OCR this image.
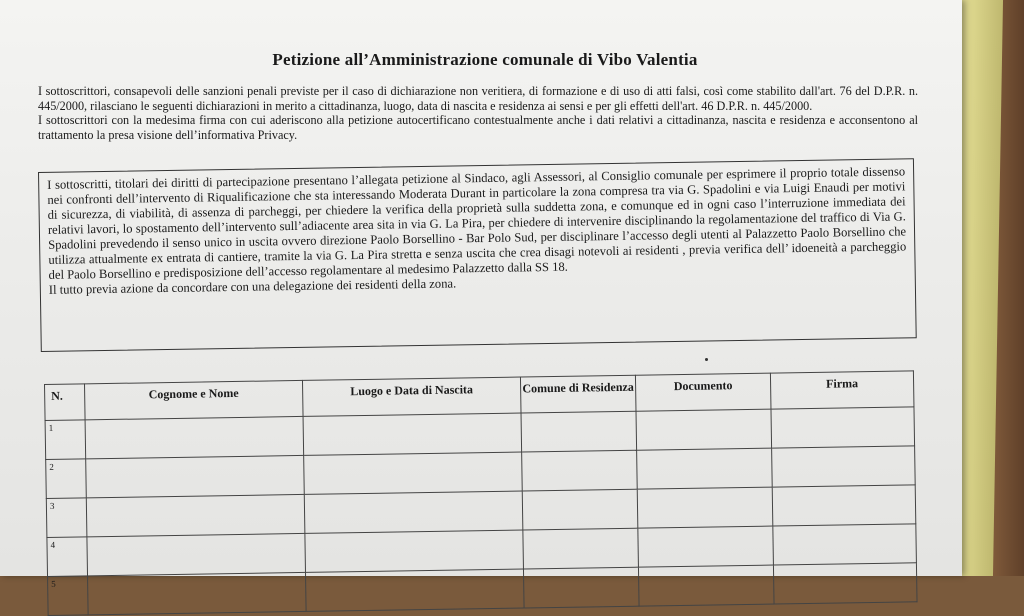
Petizione all’Amministrazione comunale di Vibo Valentia

I sottoscrittori, consapevoli delle sanzioni penali previste per il caso di dichiarazione non veritiera, di formazione e di uso di atti falsi, così come stabilito dall'art. 76 del D.P.R. n. 445/2000, rilasciano le seguenti dichiarazioni in merito a cittadinanza, luogo, data di nascita e residenza ai sensi e per gli effetti dell'art. 46 D.P.R. n. 445/2000.

I sottoscrittori con la medesima firma con cui aderiscono alla petizione autocertificano contestualmente anche i dati relativi a cittadinanza, nascita e residenza e acconsentono al trattamento la presa visione dell’informativa Privacy.

I sottoscritti, titolari dei diritti di partecipazione presentano l’allegata petizione al Sindaco, agli Assessori, al Consiglio comunale per esprimere il proprio totale dissenso nei confronti dell’intervento di Riqualificazione che sta interessando Moderata Durant in particolare la zona compresa tra via G. Spadolini e via Luigi Enaudi per motivi di sicurezza, di viabilità, di assenza di parcheggi, per chiedere la verifica della proprietà sulla suddetta zona, e comunque ed in ogni caso l’interruzione immediata dei relativi lavori, lo spostamento dell’intervento sull’adiacente area sita in via G. La Pira, per chiedere di intervenire disciplinando la regolamentazione del traffico di Via G. Spadolini prevedendo il senso unico in uscita ovvero direzione Paolo Borsellino - Bar Polo Sud, per disciplinare l’accesso degli utenti al Palazzetto Paolo Borsellino che utilizza attualmente ex entrata di cantiere, tramite la via G. La Pira stretta e senza uscita che crea disagi notevoli ai residenti , previa verifica dell’ idoeneità a parcheggio del Paolo Borsellino e predisposizione dell’accesso regolamentare al medesimo Palazzetto dalla SS 18.

Il tutto previa azione da concordare con una delegazione dei residenti della zona.

N.	Cognome e Nome	Luogo e Data di Nascita	Comune di Residenza	Documento	Firma
1					
2					
3					
4					
5					
